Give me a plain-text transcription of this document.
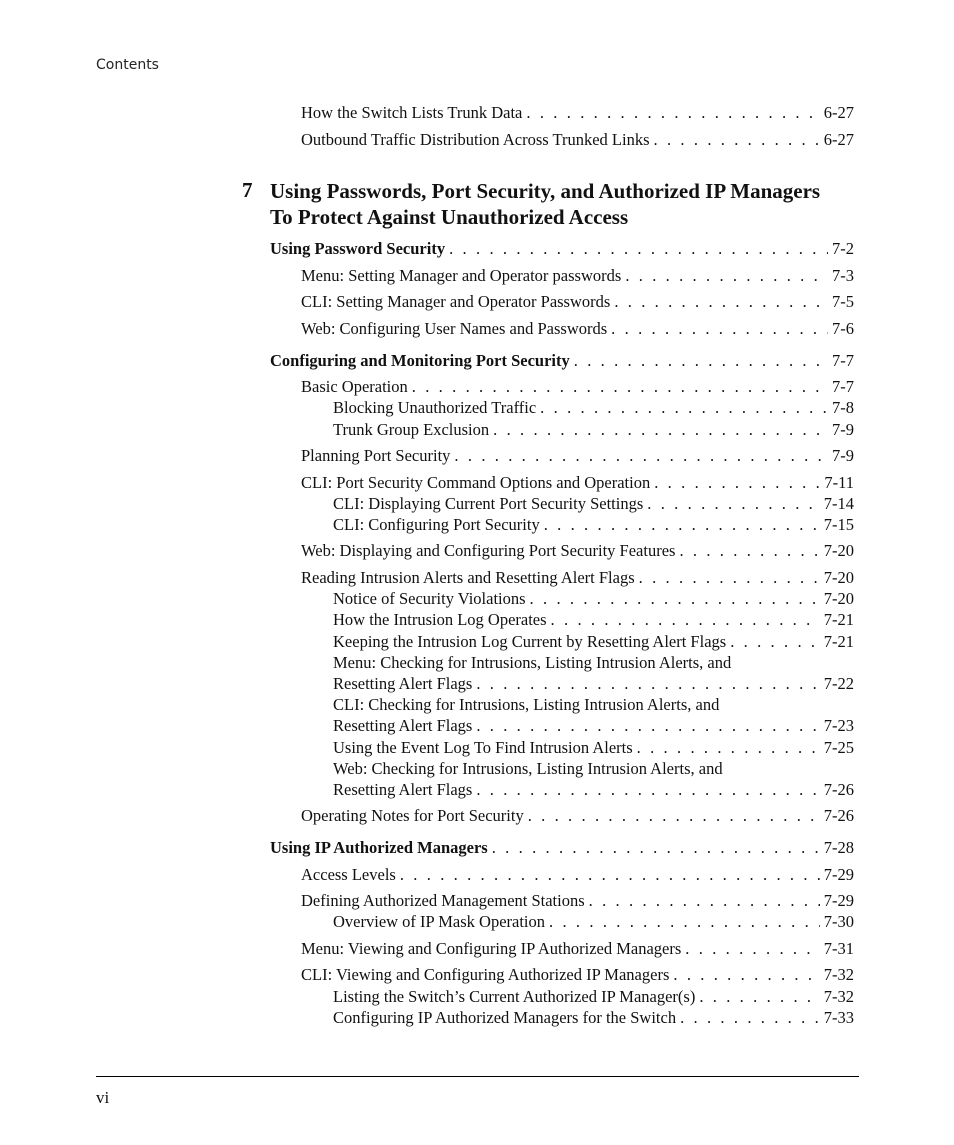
Contents
How the Switch Lists Trunk Data . . .	6-27
Outbound Traffic Distribution Across Trunked Links . . .	6-27
7 Using Passwords, Port Security, and Authorized IP Managers To Protect Against Unauthorized Access
Using Password Security . . .	7-2
Menu: Setting Manager and Operator passwords . . .	7-3
CLI: Setting Manager and Operator Passwords . . .	7-5
Web: Configuring User Names and Passwords . . .	7-6
Configuring and Monitoring Port Security . . .	7-7
Basic Operation . . .	7-7
Blocking Unauthorized Traffic . . .	7-8
Trunk Group Exclusion . . .	7-9
Planning Port Security . . .	7-9
CLI: Port Security Command Options and Operation . . .	7-11
CLI: Displaying Current Port Security Settings . . .	7-14
CLI: Configuring Port Security . . .	7-15
Web: Displaying and Configuring Port Security Features . . .	7-20
Reading Intrusion Alerts and Resetting Alert Flags . . .	7-20
Notice of Security Violations . . .	7-20
How the Intrusion Log Operates . . .	7-21
Keeping the Intrusion Log Current by Resetting Alert Flags . . .	7-21
Menu: Checking for Intrusions, Listing Intrusion Alerts, and
Resetting Alert Flags . . .	7-22
CLI: Checking for Intrusions, Listing Intrusion Alerts, and
Resetting Alert Flags . . .	7-23
Using the Event Log To Find Intrusion Alerts . . .	7-25
Web: Checking for Intrusions, Listing Intrusion Alerts, and
Resetting Alert Flags . . .	7-26
Operating Notes for Port Security . . .	7-26
Using IP Authorized Managers . . .	7-28
Access Levels . . .	7-29
Defining Authorized Management Stations . . .	7-29
Overview of IP Mask Operation . . .	7-30
Menu: Viewing and Configuring IP Authorized Managers . . .	7-31
CLI: Viewing and Configuring Authorized IP Managers . . .	7-32
Listing the Switch’s Current Authorized IP Manager(s) . . .	7-32
Configuring IP Authorized Managers for the Switch . . .	7-33
vi
